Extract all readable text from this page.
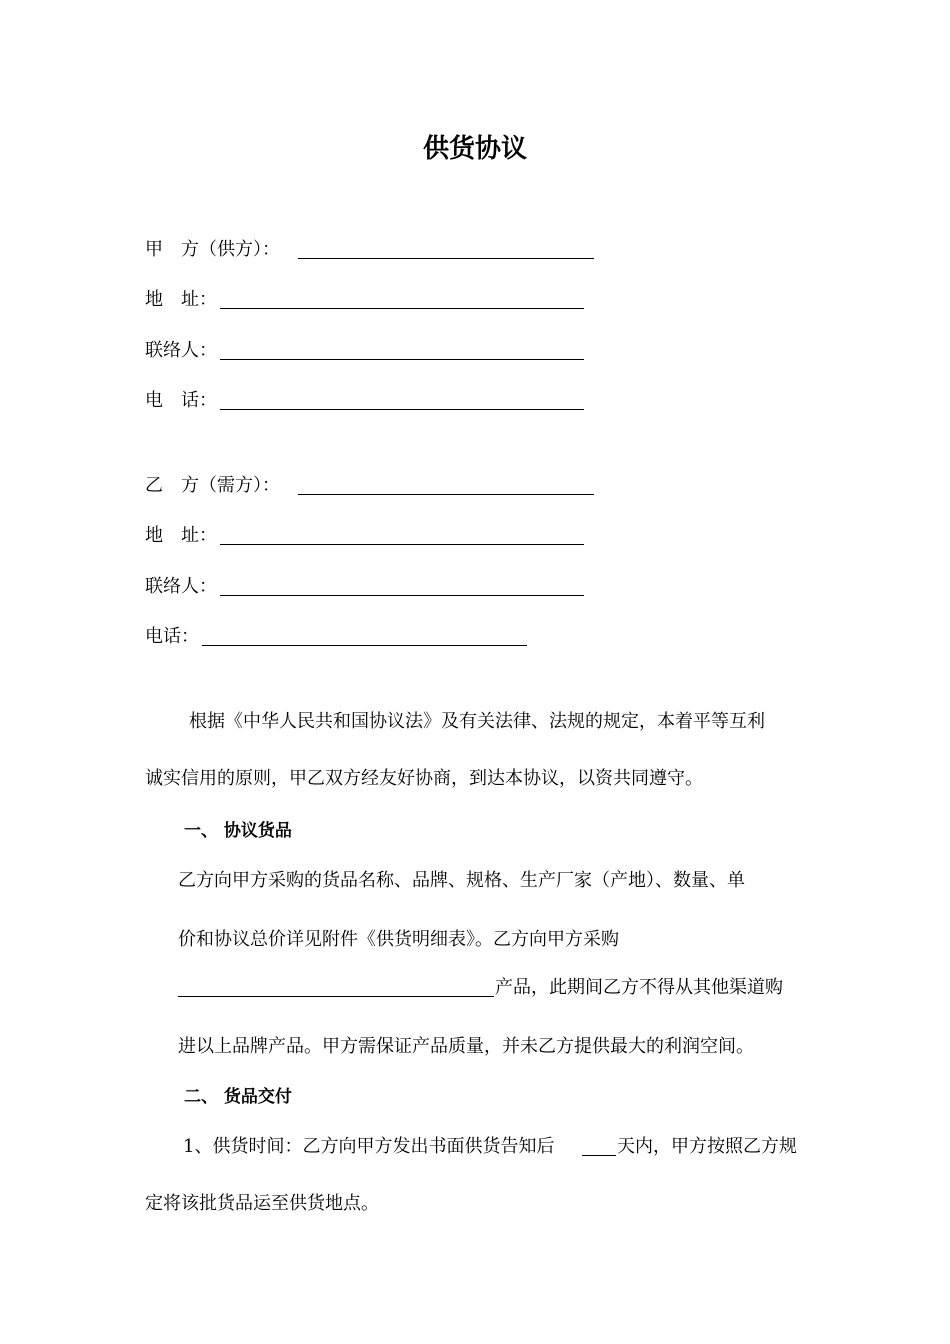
供货协议
甲　方（供方）：
地　址：
联络人：
电　话：
乙　方（需方）：
地　址：
联络人：
电话：
根据《中华人民共和国协议法》及有关法律、法规的规定，本着平等互利
诚实信用的原则，甲乙双方经友好协商，到达本协议，以资共同遵守。
一、 协议货品
乙方向甲方采购的货品名称、品牌、规格、生产厂家（产地）、数量、单
价和协议总价详见附件《供货明细表》。乙方向甲方采购
产品，此期间乙方不得从其他渠道购
进以上品牌产品。甲方需保证产品质量，并未乙方提供最大的利润空间。
二、 货品交付
1、供货时间：乙方向甲方发出书面供货告知后	天内，甲方按照乙方规
定将该批货品运至供货地点。
